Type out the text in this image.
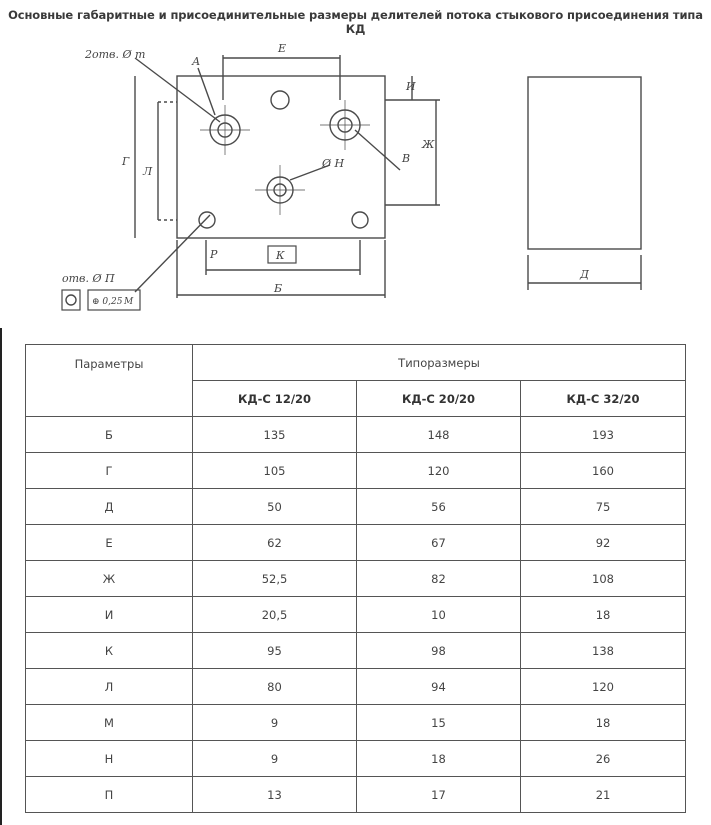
Основные габаритные и присоединительные размеры делителей потока стыкового присоединения типа КД
2отв. Ø m
А
Е
И
Г
Л
Ø Н	В
Ж
Р	К
Б
отв. Ø П
⊕ 0,25 М
Д
Параметры	Типоразмеры		
	КД-С 12/20	КД-С 20/20	КД-С 32/20
Б	135	148	193
Г	105	120	160
Д	50	56	75
Е	62	67	92
Ж	52,5	82	108
И	20,5	10	18
К	95	98	138
Л	80	94	120
М	9	15	18
Н	9	18	26
П	13	17	21
